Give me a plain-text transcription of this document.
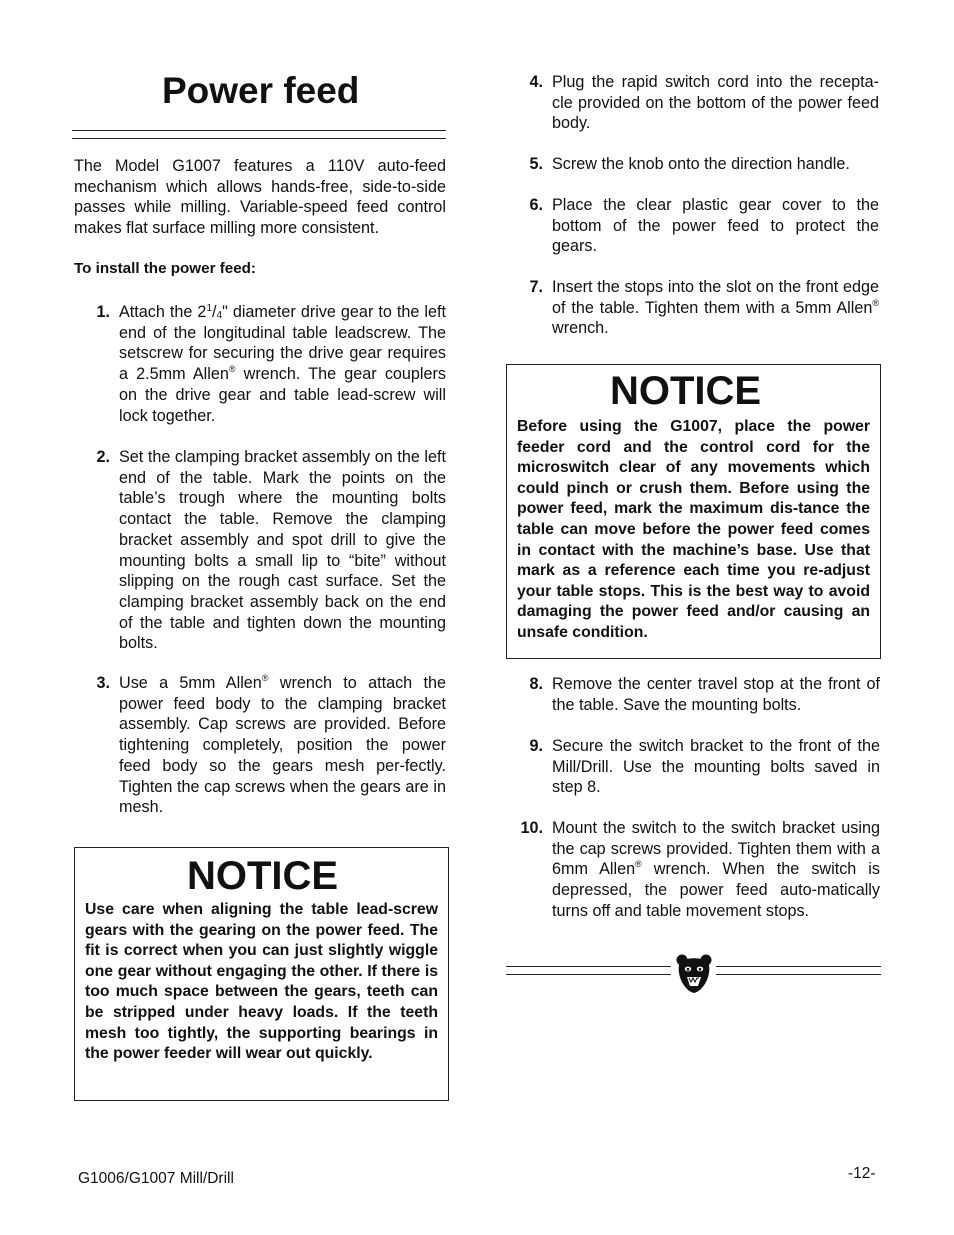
Power feed

The Model G1007 features a 110V auto-feed mechanism which allows hands-free, side-to-side passes while milling. Variable-speed feed control makes flat surface milling more consistent.

To install the power feed:

1. Attach the $2^1/4$" diameter drive gear to the left end of the longitudinal table leadscrew. The setscrew for securing the drive gear requires a 2.5mm Allen® wrench. The gear couplers on the drive gear and table lead-screw will lock together.

2. Set the clamping bracket assembly on the left end of the table. Mark the points on the table’s trough where the mounting bolts contact the table. Remove the clamping bracket assembly and spot drill to give the mounting bolts a small lip to “bite” without slipping on the rough cast surface. Set the clamping bracket assembly back on the end of the table and tighten down the mounting bolts.

3. Use a 5mm Allen® wrench to attach the power feed body to the clamping bracket assembly. Cap screws are provided. Before tightening completely, position the power feed body so the gears mesh per-fectly. Tighten the cap screws when the gears are in mesh.

NOTICE

Use care when aligning the table lead-screw gears with the gearing on the power feed. The fit is correct when you can just slightly wiggle one gear without engaging the other. If there is too much space between the gears, teeth can be stripped under heavy loads. If the teeth mesh too tightly, the supporting bearings in the power feeder will wear out quickly.

4. Plug the rapid switch cord into the recepta-cle provided on the bottom of the power feed body.

5. Screw the knob onto the direction handle.

6. Place the clear plastic gear cover to the bottom of the power feed to protect the gears.

7. Insert the stops into the slot on the front edge of the table. Tighten them with a 5mm Allen® wrench.

NOTICE

Before using the G1007, place the power feeder cord and the control cord for the microswitch clear of any movements which could pinch or crush them. Before using the power feed, mark the maximum dis-tance the table can move before the power feed comes in contact with the machine’s base. Use that mark as a reference each time you re-adjust your table stops. This is the best way to avoid damaging the power feed and/or causing an unsafe condition.

8. Remove the center travel stop at the front of the table. Save the mounting bolts.

9. Secure the switch bracket to the front of the Mill/Drill. Use the mounting bolts saved in step 8.

10. Mount the switch to the switch bracket using the cap screws provided. Tighten them with a 6mm Allen® wrench. When the switch is depressed, the power feed auto-matically turns off and table movement stops.

G1006/G1007 Mill/Drill	-12-
